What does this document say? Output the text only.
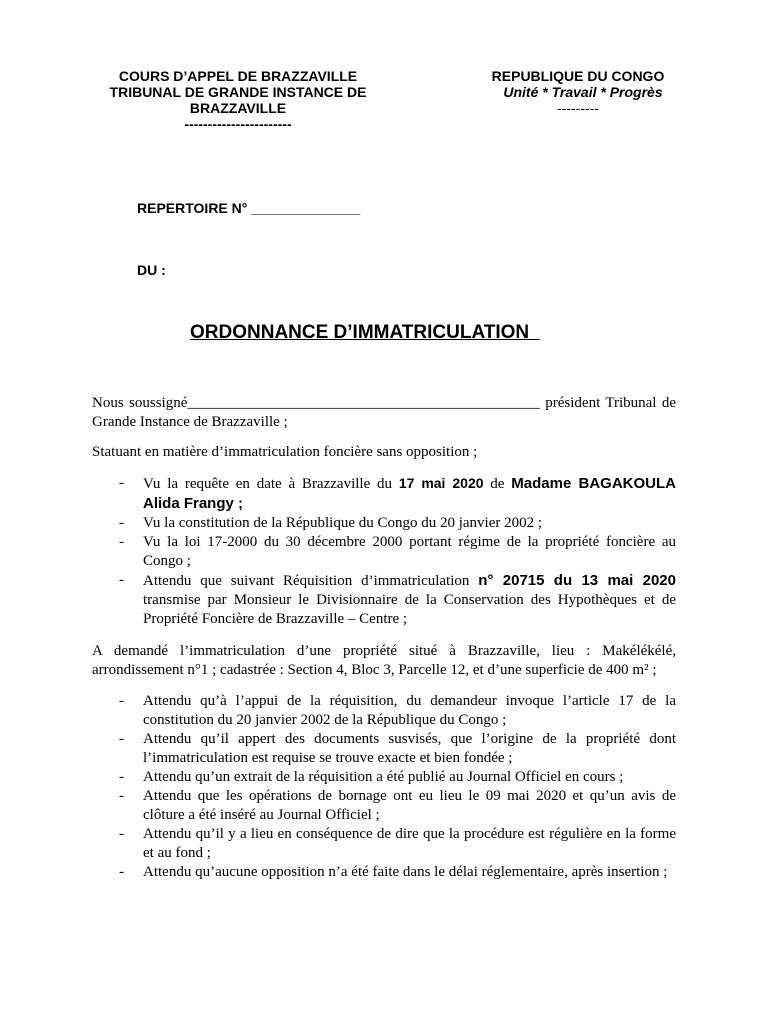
COURS D’APPEL DE BRAZZAVILLE
TRIBUNAL DE GRANDE INSTANCE DE
BRAZZAVILLE
-----------------------
REPUBLIQUE DU CONGO
Unité * Travail * Progrès
---------
REPERTOIRE N° ______________
DU :
ORDONNANCE D’IMMATRICULATION
Nous soussigné_______________________________________________ président Tribunal de Grande Instance de Brazzaville ;
Statuant en matière d’immatriculation foncière sans opposition ;
- Vu la requête en date à Brazzaville du 17 mai 2020 de Madame BAGAKOULA Alida Frangy ;
- Vu la constitution de la République du Congo du 20 janvier 2002 ;
- Vu la loi 17-2000 du 30 décembre 2000 portant régime de la propriété foncière au Congo ;
- Attendu que suivant Réquisition d’immatriculation n° 20715 du 13 mai 2020 transmise par Monsieur le Divisionnaire de la Conservation des Hypothèques et de Propriété Foncière de Brazzaville – Centre ;
A demandé l’immatriculation d’une propriété situé à Brazzaville, lieu : Makélékélé, arrondissement n°1 ; cadastrée : Section 4, Bloc 3, Parcelle 12, et d’une superficie de 400 m² ;
- Attendu qu’à l’appui de la réquisition, du demandeur invoque l’article 17 de la constitution du 20 janvier 2002 de la République du Congo ;
- Attendu qu’il appert des documents susvisés, que l’origine de la propriété dont l’immatriculation est requise se trouve exacte et bien fondée ;
- Attendu qu’un extrait de la réquisition a été publié au Journal Officiel en cours ;
- Attendu que les opérations de bornage ont eu lieu le 09 mai 2020 et qu’un avis de clôture a été inséré au Journal Officiel ;
- Attendu qu’il y a lieu en conséquence de dire que la procédure est régulière en la forme et au fond ;
- Attendu qu’aucune opposition n’a été faite dans le délai réglementaire, après insertion ;
